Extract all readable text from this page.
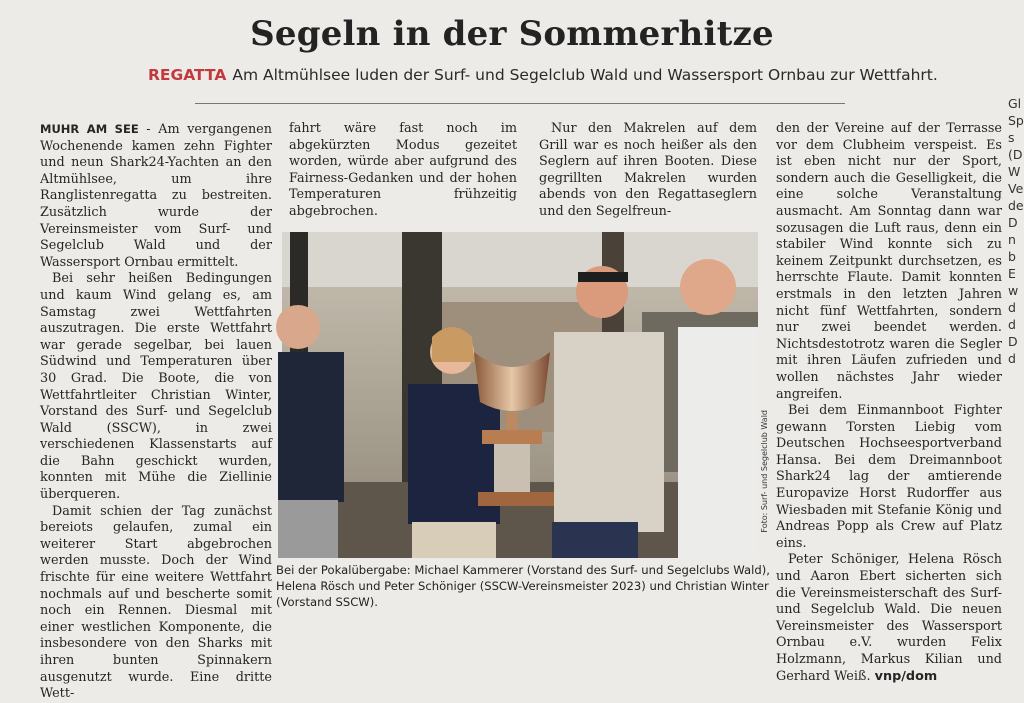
Segeln in der Sommerhitze
REGATTA Am Altmühlsee luden der Surf- und Segelclub Wald und Wassersport Ornbau zur Wettfahrt.

MUHR AM SEE - Am vergangenen Wochenende kamen zehn Fighter und neun Shark24-Yachten an den Altmühlsee, um ihre Ranglistenregatta zu bestreiten. Zusätzlich wurde der Vereinsmeister vom Surf- und Segelclub Wald und der Wassersport Ornbau ermittelt.

Bei sehr heißen Bedingungen und kaum Wind gelang es, am Samstag zwei Wettfahrten auszutragen. Die erste Wettfahrt war gerade segelbar, bei lauen Südwind und Temperaturen über 30 Grad. Die Boote, die von Wettfahrtleiter Christian Winter, Vorstand des Surf- und Segelclub Wald (SSCW), in zwei verschiedenen Klassenstarts auf die Bahn geschickt wurden, konnten mit Mühe die Ziellinie überqueren.

Damit schien der Tag zunächst bereiots gelaufen, zumal ein weiterer Start abgebrochen werden musste. Doch der Wind frischte für eine weitere Wettfahrt nochmals auf und bescherte somit noch ein Rennen. Diesmal mit einer westlichen Komponente, die insbesondere von den Sharks mit ihren bunten Spinnakern ausgenutzt wurde. Eine dritte Wett-

fahrt wäre fast noch im abgekürzten Modus gezeitet worden, würde aber aufgrund des Fairness-Gedanken und der hohen Temperaturen frühzeitig abgebrochen.

Nur den Makrelen auf dem Grill war es noch heißer als den Seglern auf ihren Booten. Diese gegrillten Makrelen wurden abends von den Regattaseglern und den Segelfreun-

den der Vereine auf der Terrasse vor dem Clubheim verspeist. Es ist eben nicht nur der Sport, sondern auch die Geselligkeit, die eine solche Veranstaltung ausmacht. Am Sonntag dann war sozusagen die Luft raus, denn ein stabiler Wind konnte sich zu keinem Zeitpunkt durchsetzen, es herrschte Flaute. Damit konnten erstmals in den letzten Jahren nicht fünf Wettfahrten, sondern nur zwei beendet werden. Nichtsdestotrotz waren die Segler mit ihren Läufen zufrieden und wollen nächstes Jahr wieder angreifen.

Bei dem Einmannboot Fighter gewann Torsten Liebig vom Deutschen Hochseesportverband Hansa. Bei dem Dreimannboot Shark24 lag der amtierende Europavize Horst Rudorffer aus Wiesbaden mit Stefanie König und Andreas Popp als Crew auf Platz eins.

Peter Schöniger, Helena Rösch und Aaron Ebert sicherten sich die Vereinsmeisterschaft des Surf- und Segelclub Wald. Die neuen Vereinsmeister des Wassersport Ornbau e.V. wurden Felix Holzmann, Markus Kilian und Gerhard Weiß. vnp/dom

Foto: Surf- und Segelclub Wald
Bei der Pokalübergabe: Michael Kammerer (Vorstand des Surf- und Segelclubs Wald), Helena Rösch und Peter Schöniger (SSCW-Vereinsmeister 2023) und Christian Winter (Vorstand SSCW).
Gl
Sp
s
(D
W
Ve
de
D
n
b
E
w
d
d
D
d
